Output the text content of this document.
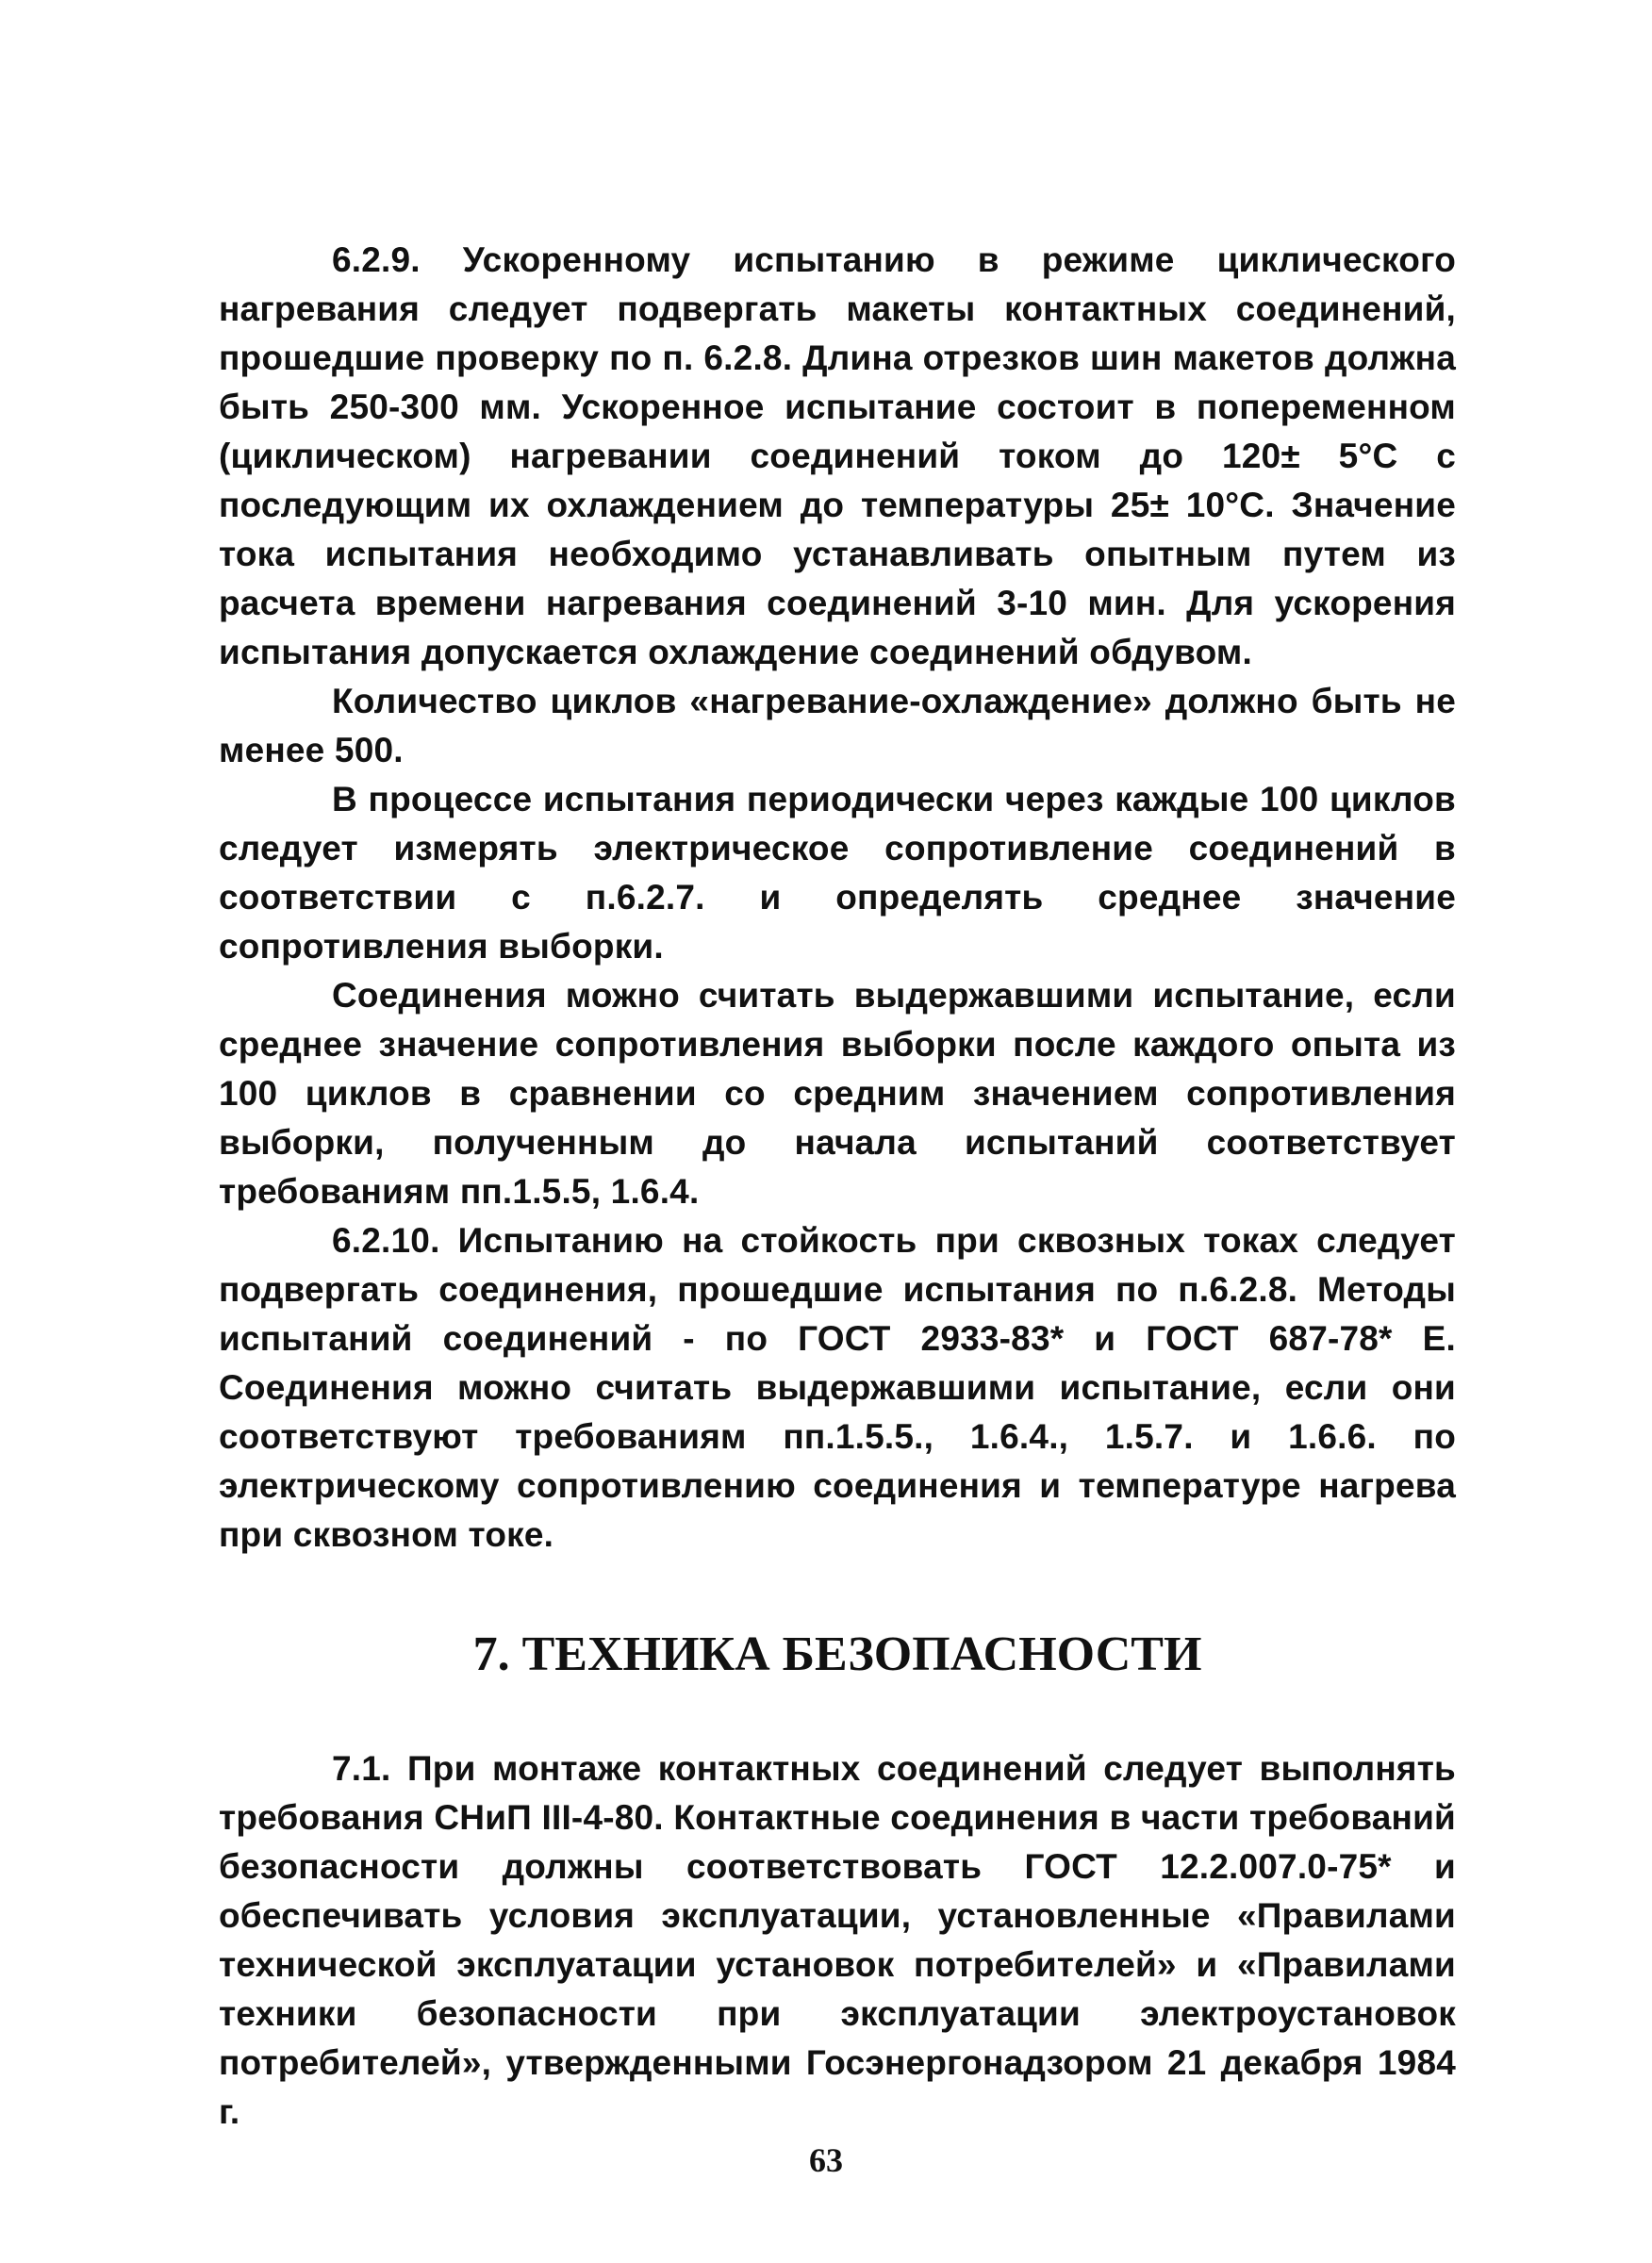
6.2.9. Ускоренному испытанию в режиме циклического нагревания следует подвергать макеты контактных соединений, прошедшие проверку по п. 6.2.8. Длина отрезков шин макетов должна быть 250-300 мм. Ускоренное испытание состоит в попеременном (циклическом) нагревании соединений током до 120± 5°С с последующим их охлаждением до температуры 25± 10°С. Значение тока испытания необходимо устанавливать опытным путем из расчета времени нагревания соединений 3-10 мин. Для ускорения испытания допускается охлаждение соединений обдувом.

Количество циклов «нагревание-охлаждение» должно быть не менее 500.

В процессе испытания периодически через каждые 100 циклов следует измерять электрическое сопротивление соединений в соответствии с п.6.2.7. и определять среднее значение сопротивления выборки.

Соединения можно считать выдержавшими испытание, если среднее значение сопротивления выборки после каждого опыта из 100 циклов в сравнении со средним значением сопротивления выборки, полученным до начала испытаний соответствует требованиям пп.1.5.5, 1.6.4.

6.2.10. Испытанию на стойкость при сквозных токах следует подвергать соединения, прошедшие испытания по п.6.2.8. Методы испытаний соединений - по ГОСТ 2933-83* и ГОСТ 687-78* Е. Соединения можно считать выдержавшими испытание, если они соответствуют требованиям пп.1.5.5., 1.6.4., 1.5.7. и 1.6.6. по электрическому сопротивлению соединения и температуре нагрева при сквозном токе.

7. ТЕХНИКА БЕЗОПАСНОСТИ

7.1. При монтаже контактных соединений следует выполнять требования СНиП III-4-80. Контактные соединения в части требований безопасности должны соответствовать ГОСТ 12.2.007.0-75* и обеспечивать условия эксплуатации, установленные «Правилами технической эксплуатации установок потребителей» и «Правилами техники безопасности при эксплуатации электроустановок потребителей», утвержденными Госэнергонадзором 21 декабря 1984 г.

63
